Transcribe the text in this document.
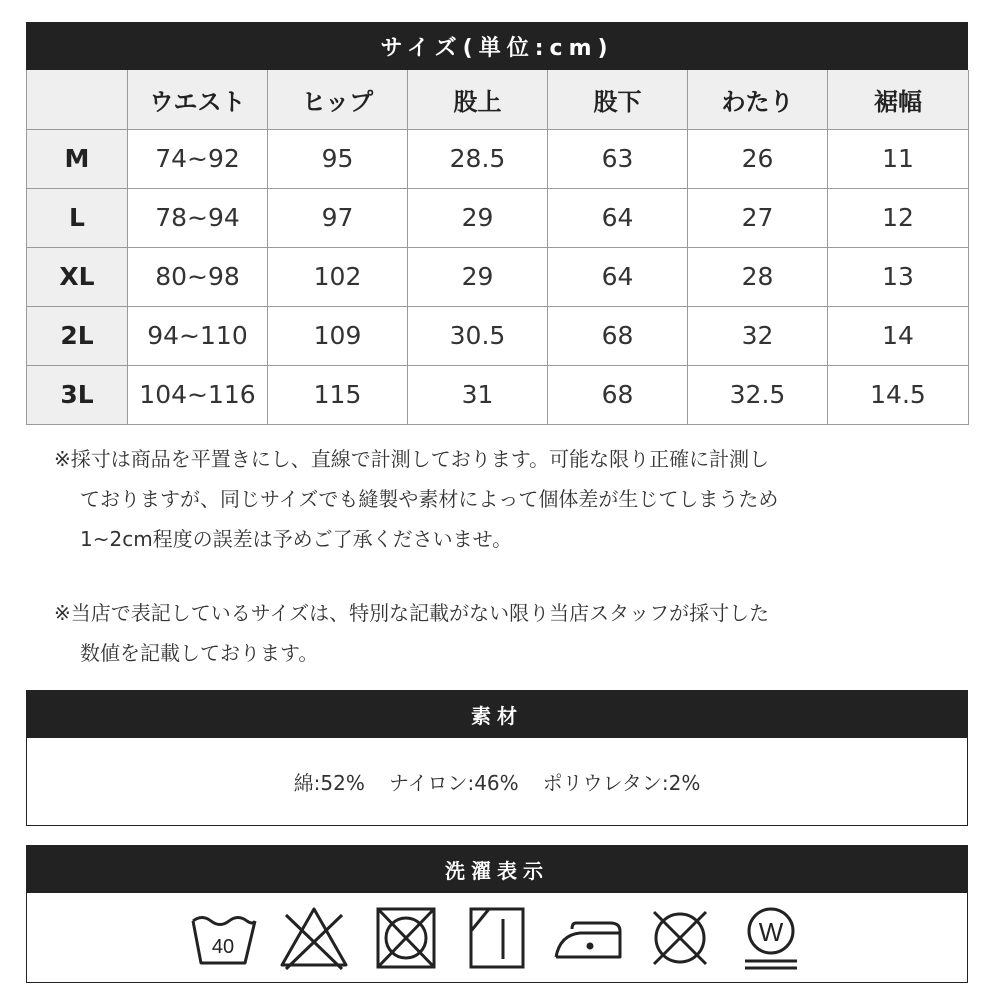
サイズ(単位:cm)
	ウエスト	ヒップ	股上	股下	わたり	裾幅
M	74~92	95	28.5	63	26	11
L	78~94	97	29	64	27	12
XL	80~98	102	29	64	28	13
2L	94~110	109	30.5	68	32	14
3L	104~116	115	31	68	32.5	14.5
※採寸は商品を平置きにし、直線で計測しております。可能な限り正確に計測し
ておりますが、同じサイズでも縫製や素材によって個体差が生じてしまうため
1~2cm程度の誤差は予めご了承くださいませ。
※当店で表記しているサイズは、特別な記載がない限り当店スタッフが採寸した
数値を記載しております。
素材
綿:52% ナイロン:46% ポリウレタン:2%
洗濯表示
40	W
